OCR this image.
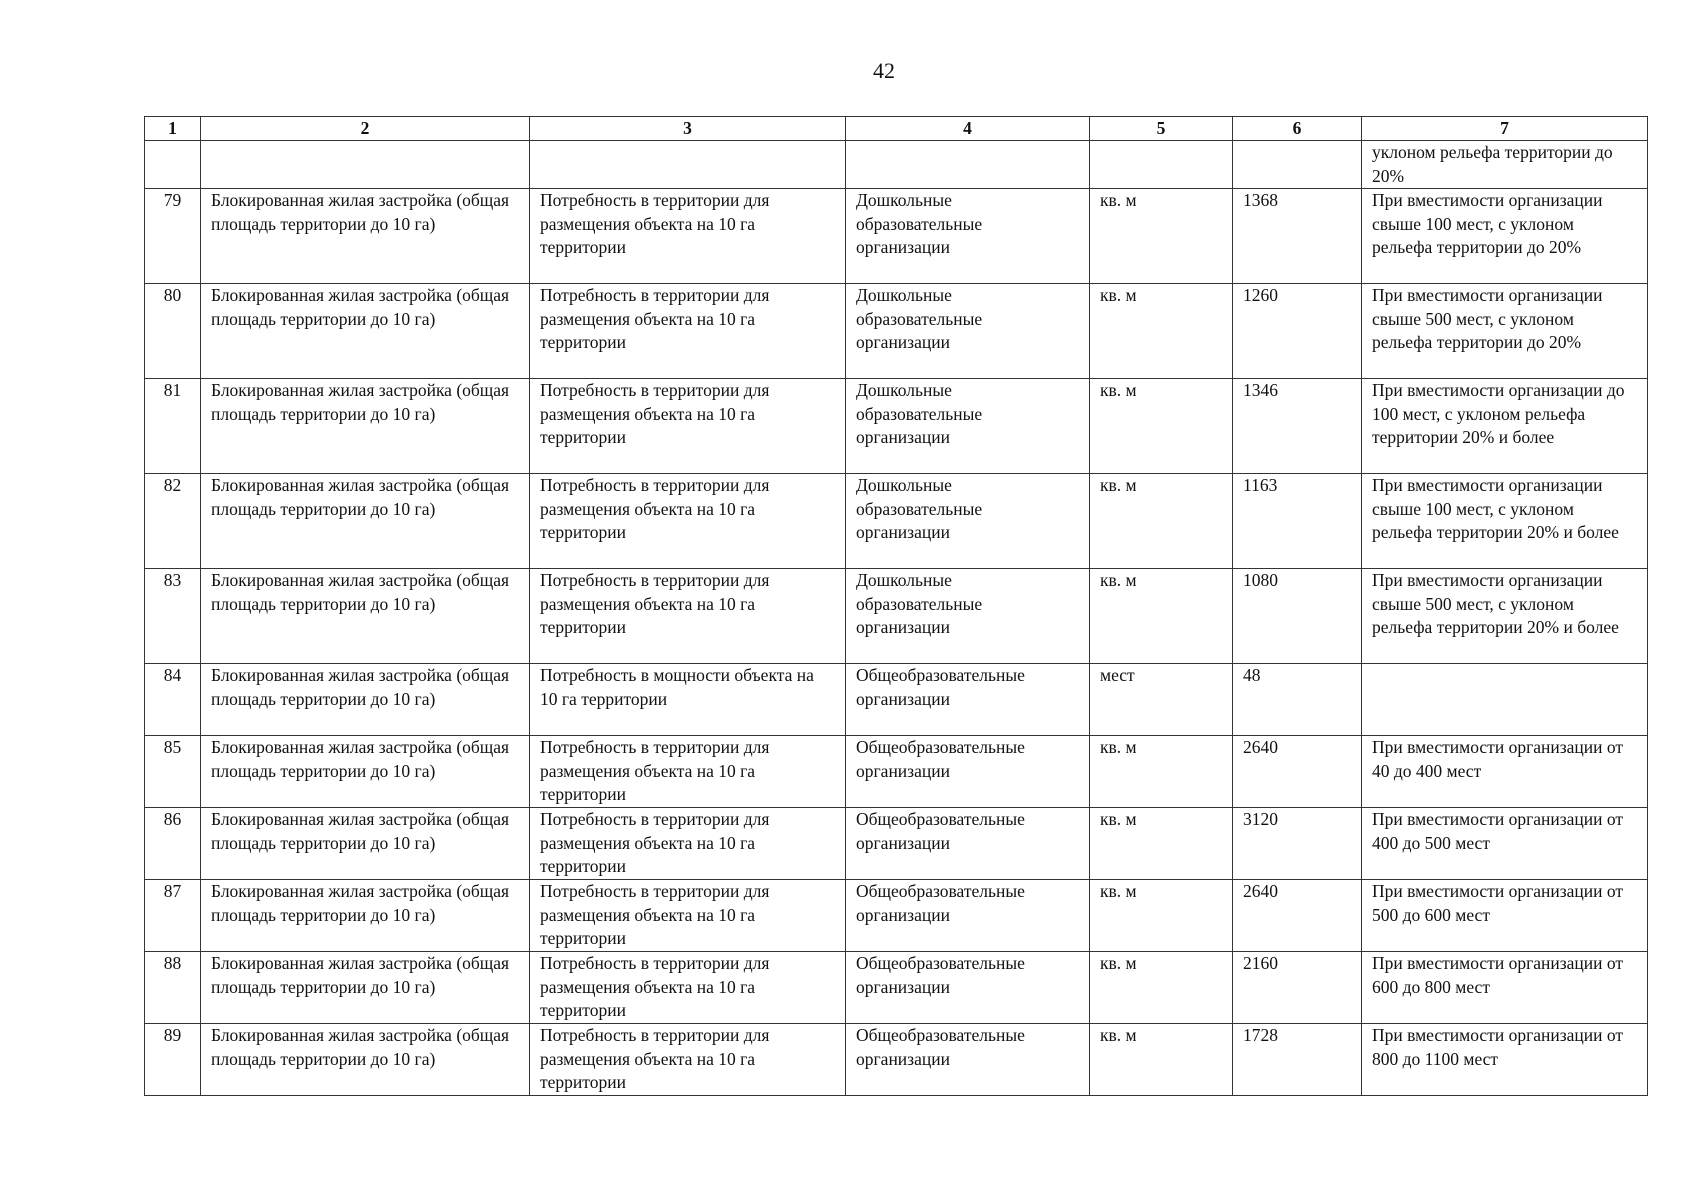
42
1	2	3	4	5	6	7
						уклоном рельефа территории до 20%
79	Блокированная жилая застройка (общая площадь территории до 10 га)	Потребность в территории для размещения объекта на 10 га территории	Дошкольные образовательные организации	кв. м	1368	При вместимости организации свыше 100 мест, с уклоном рельефа территории до 20%
80	Блокированная жилая застройка (общая площадь территории до 10 га)	Потребность в территории для размещения объекта на 10 га территории	Дошкольные образовательные организации	кв. м	1260	При вместимости организации свыше 500 мест, с уклоном рельефа территории до 20%
81	Блокированная жилая застройка (общая площадь территории до 10 га)	Потребность в территории для размещения объекта на 10 га территории	Дошкольные образовательные организации	кв. м	1346	При вместимости организации до 100 мест, с уклоном рельефа территории 20% и более
82	Блокированная жилая застройка (общая площадь территории до 10 га)	Потребность в территории для размещения объекта на 10 га территории	Дошкольные образовательные организации	кв. м	1163	При вместимости организации свыше 100 мест, с уклоном рельефа территории 20% и более
83	Блокированная жилая застройка (общая площадь территории до 10 га)	Потребность в территории для размещения объекта на 10 га территории	Дошкольные образовательные организации	кв. м	1080	При вместимости организации свыше 500 мест, с уклоном рельефа территории 20% и более
84	Блокированная жилая застройка (общая площадь территории до 10 га)	Потребность в мощности объекта на 10 га территории	Общеобразовательные организации	мест	48	
85	Блокированная жилая застройка (общая площадь территории до 10 га)	Потребность в территории для размещения объекта на 10 га территории	Общеобразовательные организации	кв. м	2640	При вместимости организации от 40 до 400 мест
86	Блокированная жилая застройка (общая площадь территории до 10 га)	Потребность в территории для размещения объекта на 10 га территории	Общеобразовательные организации	кв. м	3120	При вместимости организации от 400 до 500 мест
87	Блокированная жилая застройка (общая площадь территории до 10 га)	Потребность в территории для размещения объекта на 10 га территории	Общеобразовательные организации	кв. м	2640	При вместимости организации от 500 до 600 мест
88	Блокированная жилая застройка (общая площадь территории до 10 га)	Потребность в территории для размещения объекта на 10 га территории	Общеобразовательные организации	кв. м	2160	При вместимости организации от 600 до 800 мест
89	Блокированная жилая застройка (общая площадь территории до 10 га)	Потребность в территории для размещения объекта на 10 га территории	Общеобразовательные организации	кв. м	1728	При вместимости организации от 800 до 1100 мест
